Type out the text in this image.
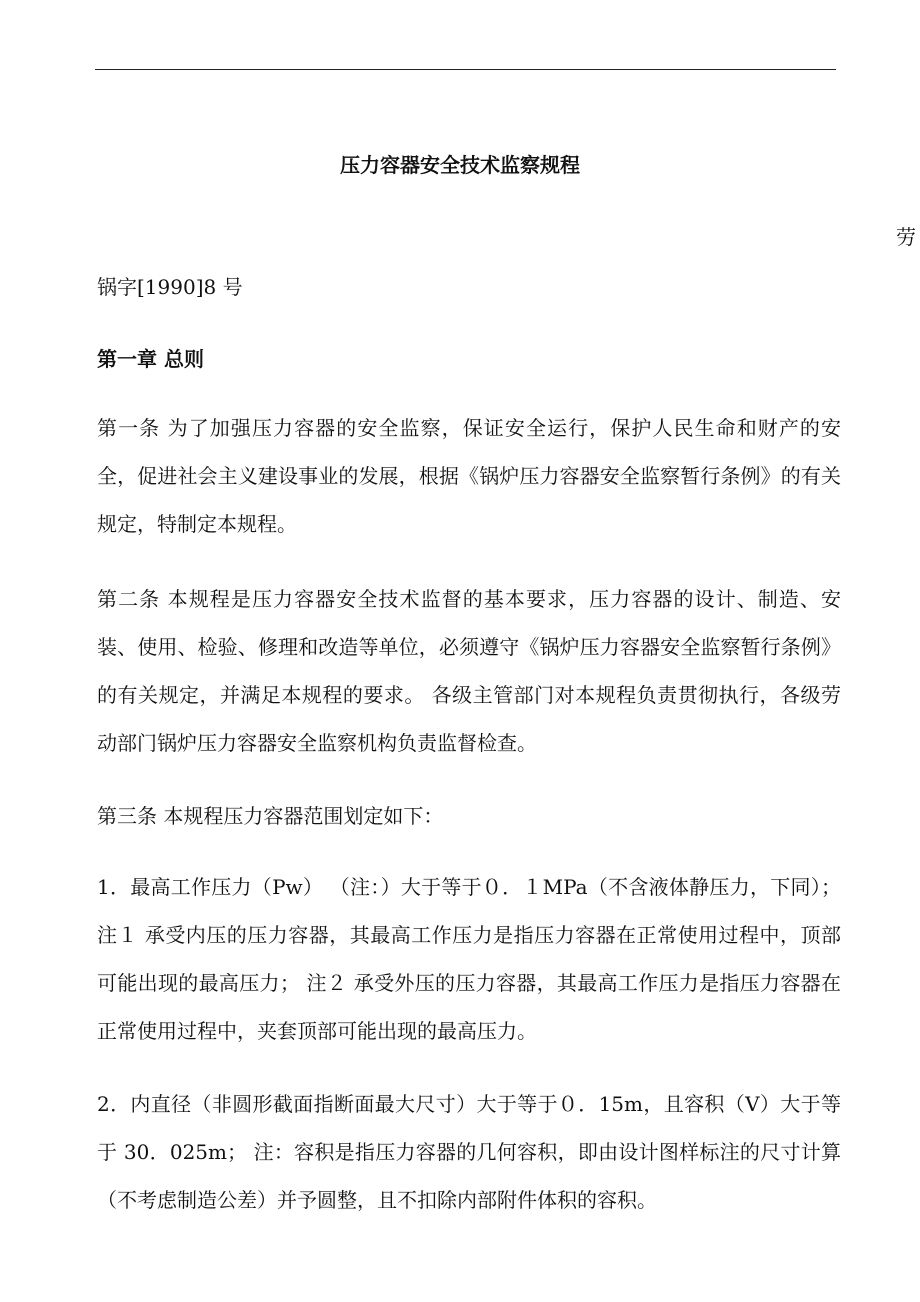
压力容器安全技术监察规程
劳
锅字[1990]8 号
第一章 总则
第一条 为了加强压力容器的安全监察，保证安全运行，保护人民生命和财产的安全，促进社会主义建设事业的发展，根据《锅炉压力容器安全监察暂行条例》的有关规定，特制定本规程。
第二条 本规程是压力容器安全技术监督的基本要求，压力容器的设计、制造、安装、使用、检验、修理和改造等单位，必须遵守《锅炉压力容器安全监察暂行条例》的有关规定，并满足本规程的要求。 各级主管部门对本规程负责贯彻执行，各级劳动部门锅炉压力容器安全监察机构负责监督检查。
第三条 本规程压力容器范围划定如下：
1．最高工作压力（Pw） （注：）大于等于０．１MPa（不含液体静压力，下同）； 注１ 承受内压的压力容器，其最高工作压力是指压力容器在正常使用过程中，顶部可能出现的最高压力； 注２ 承受外压的压力容器，其最高工作压力是指压力容器在正常使用过程中，夹套顶部可能出现的最高压力。
2．内直径（非圆形截面指断面最大尺寸）大于等于０．15m，且容积（V）大于等于 30．025m； 注：容积是指压力容器的几何容积，即由设计图样标注的尺寸计算（不考虑制造公差）并予圆整，且不扣除内部附件体积的容积。
